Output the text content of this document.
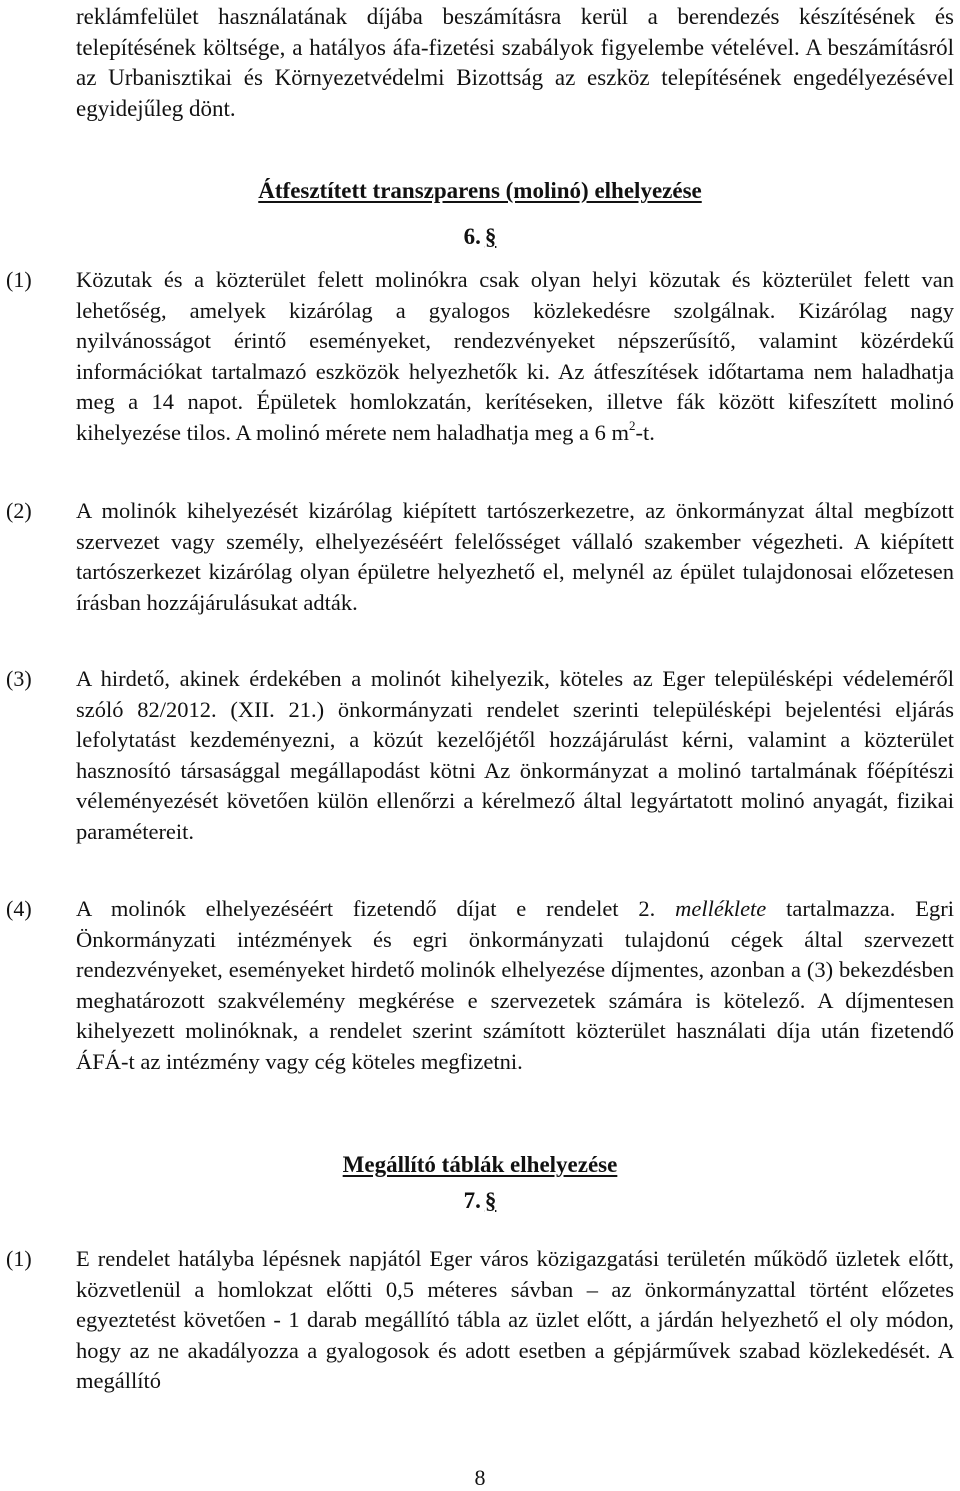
reklámfelület használatának díjába beszámításra kerül a berendezés készítésének és telepítésének költsége, a hatályos áfa-fizetési szabályok figyelembe vételével. A beszámításról az Urbanisztikai és Környezetvédelmi Bizottság az eszköz telepítésének engedélyezésével egyidejűleg dönt.
Átfesztített transzparens (molinó) elhelyezése
6. §
(1) Közutak és a közterület felett molinókra csak olyan helyi közutak és közterület felett van lehetőség, amelyek kizárólag a gyalogos közlekedésre szolgálnak. Kizárólag nagy nyilvánosságot érintő eseményeket, rendezvényeket népszerűsítő, valamint közérdekű információkat tartalmazó eszközök helyezhetők ki. Az átfeszítések időtartama nem haladhatja meg a 14 napot. Épületek homlokzatán, kerítéseken, illetve fák között kifeszített molinó kihelyezése tilos. A molinó mérete nem haladhatja meg a 6 $m^2-t$.
(2) A molinók kihelyezését kizárólag kiépített tartószerkezetre, az önkormányzat által megbízott szervezet vagy személy, elhelyezéséért felelősséget vállaló szakember végezheti. A kiépített tartószerkezet kizárólag olyan épületre helyezhető el, melynél az épület tulajdonosai előzetesen írásban hozzájárulásukat adták.
(3) A hirdető, akinek érdekében a molinót kihelyezik, köteles az Eger településképi védeleméről szóló 82/2012. (XII. 21.) önkormányzati rendelet szerinti településképi bejelentési eljárás lefolytatást kezdeményezni, a közút kezelőjétől hozzájárulást kérni, valamint a közterület hasznosító társasággal megállapodást kötni Az önkormányzat a molinó tartalmának főépítészi véleményezését követően külön ellenőrzi a kérelmező által legyártatott molinó anyagát, fizikai paramétereit.
(4) A molinók elhelyezéséért fizetendő díjat e rendelet 2. melléklete tartalmazza. Egri Önkormányzati intézmények és egri önkormányzati tulajdonú cégek által szervezett rendezvényeket, eseményeket hirdető molinók elhelyezése díjmentes, azonban a (3) bekezdésben meghatározott szakvélemény megkérése e szervezetek számára is kötelező. A díjmentesen kihelyezett molinóknak, a rendelet szerint számított közterület használati díja után fizetendő ÁFÁ-t az intézmény vagy cég köteles megfizetni.
Megállító táblák elhelyezése
7. §
(1) E rendelet hatályba lépésnek napjától Eger város közigazgatási területén működő üzletek előtt, közvetlenül a homlokzat előtti 0,5 méteres sávban – az önkormányzattal történt előzetes egyeztetést követően - 1 darab megállító tábla az üzlet előtt, a járdán helyezhető el oly módon, hogy az ne akadályozza a gyalogosok és adott esetben a gépjárművek szabad közlekedését. A megállító
8
